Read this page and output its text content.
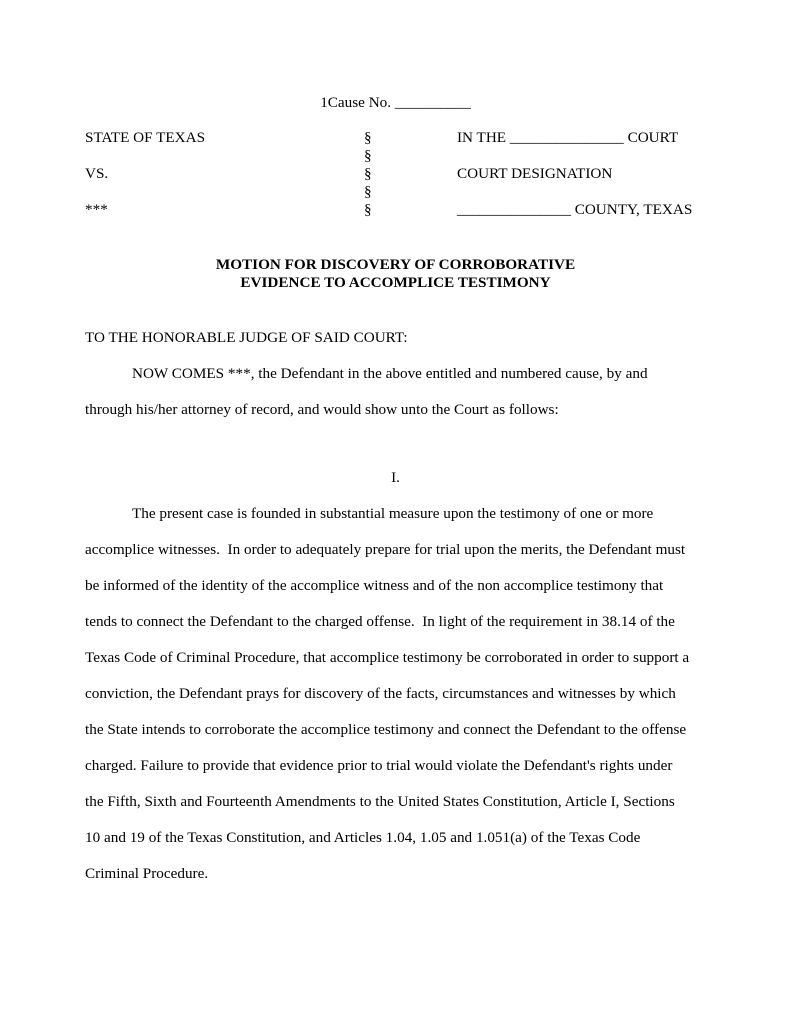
1Cause No. __________
STATE OF TEXAS	§	IN THE _______________ COURT
§
VS.	§	COURT DESIGNATION
§
***	§	_______________ COUNTY, TEXAS
MOTION FOR DISCOVERY OF CORROBORATIVE
EVIDENCE TO ACCOMPLICE TESTIMONY
TO THE HONORABLE JUDGE OF SAID COURT:
NOW COMES ***, the Defendant in the above entitled and numbered cause, by and
through his/her attorney of record, and would show unto the Court as follows:
I.
The present case is founded in substantial measure upon the testimony of one or more
accomplice witnesses.  In order to adequately prepare for trial upon the merits, the Defendant must
be informed of the identity of the accomplice witness and of the non accomplice testimony that
tends to connect the Defendant to the charged offense.  In light of the requirement in 38.14 of the
Texas Code of Criminal Procedure, that accomplice testimony be corroborated in order to support a
conviction, the Defendant prays for discovery of the facts, circumstances and witnesses by which
the State intends to corroborate the accomplice testimony and connect the Defendant to the offense
charged. Failure to provide that evidence prior to trial would violate the Defendant's rights under
the Fifth, Sixth and Fourteenth Amendments to the United States Constitution, Article I, Sections
10 and 19 of the Texas Constitution, and Articles 1.04, 1.05 and 1.051(a) of the Texas Code
Criminal Procedure.
